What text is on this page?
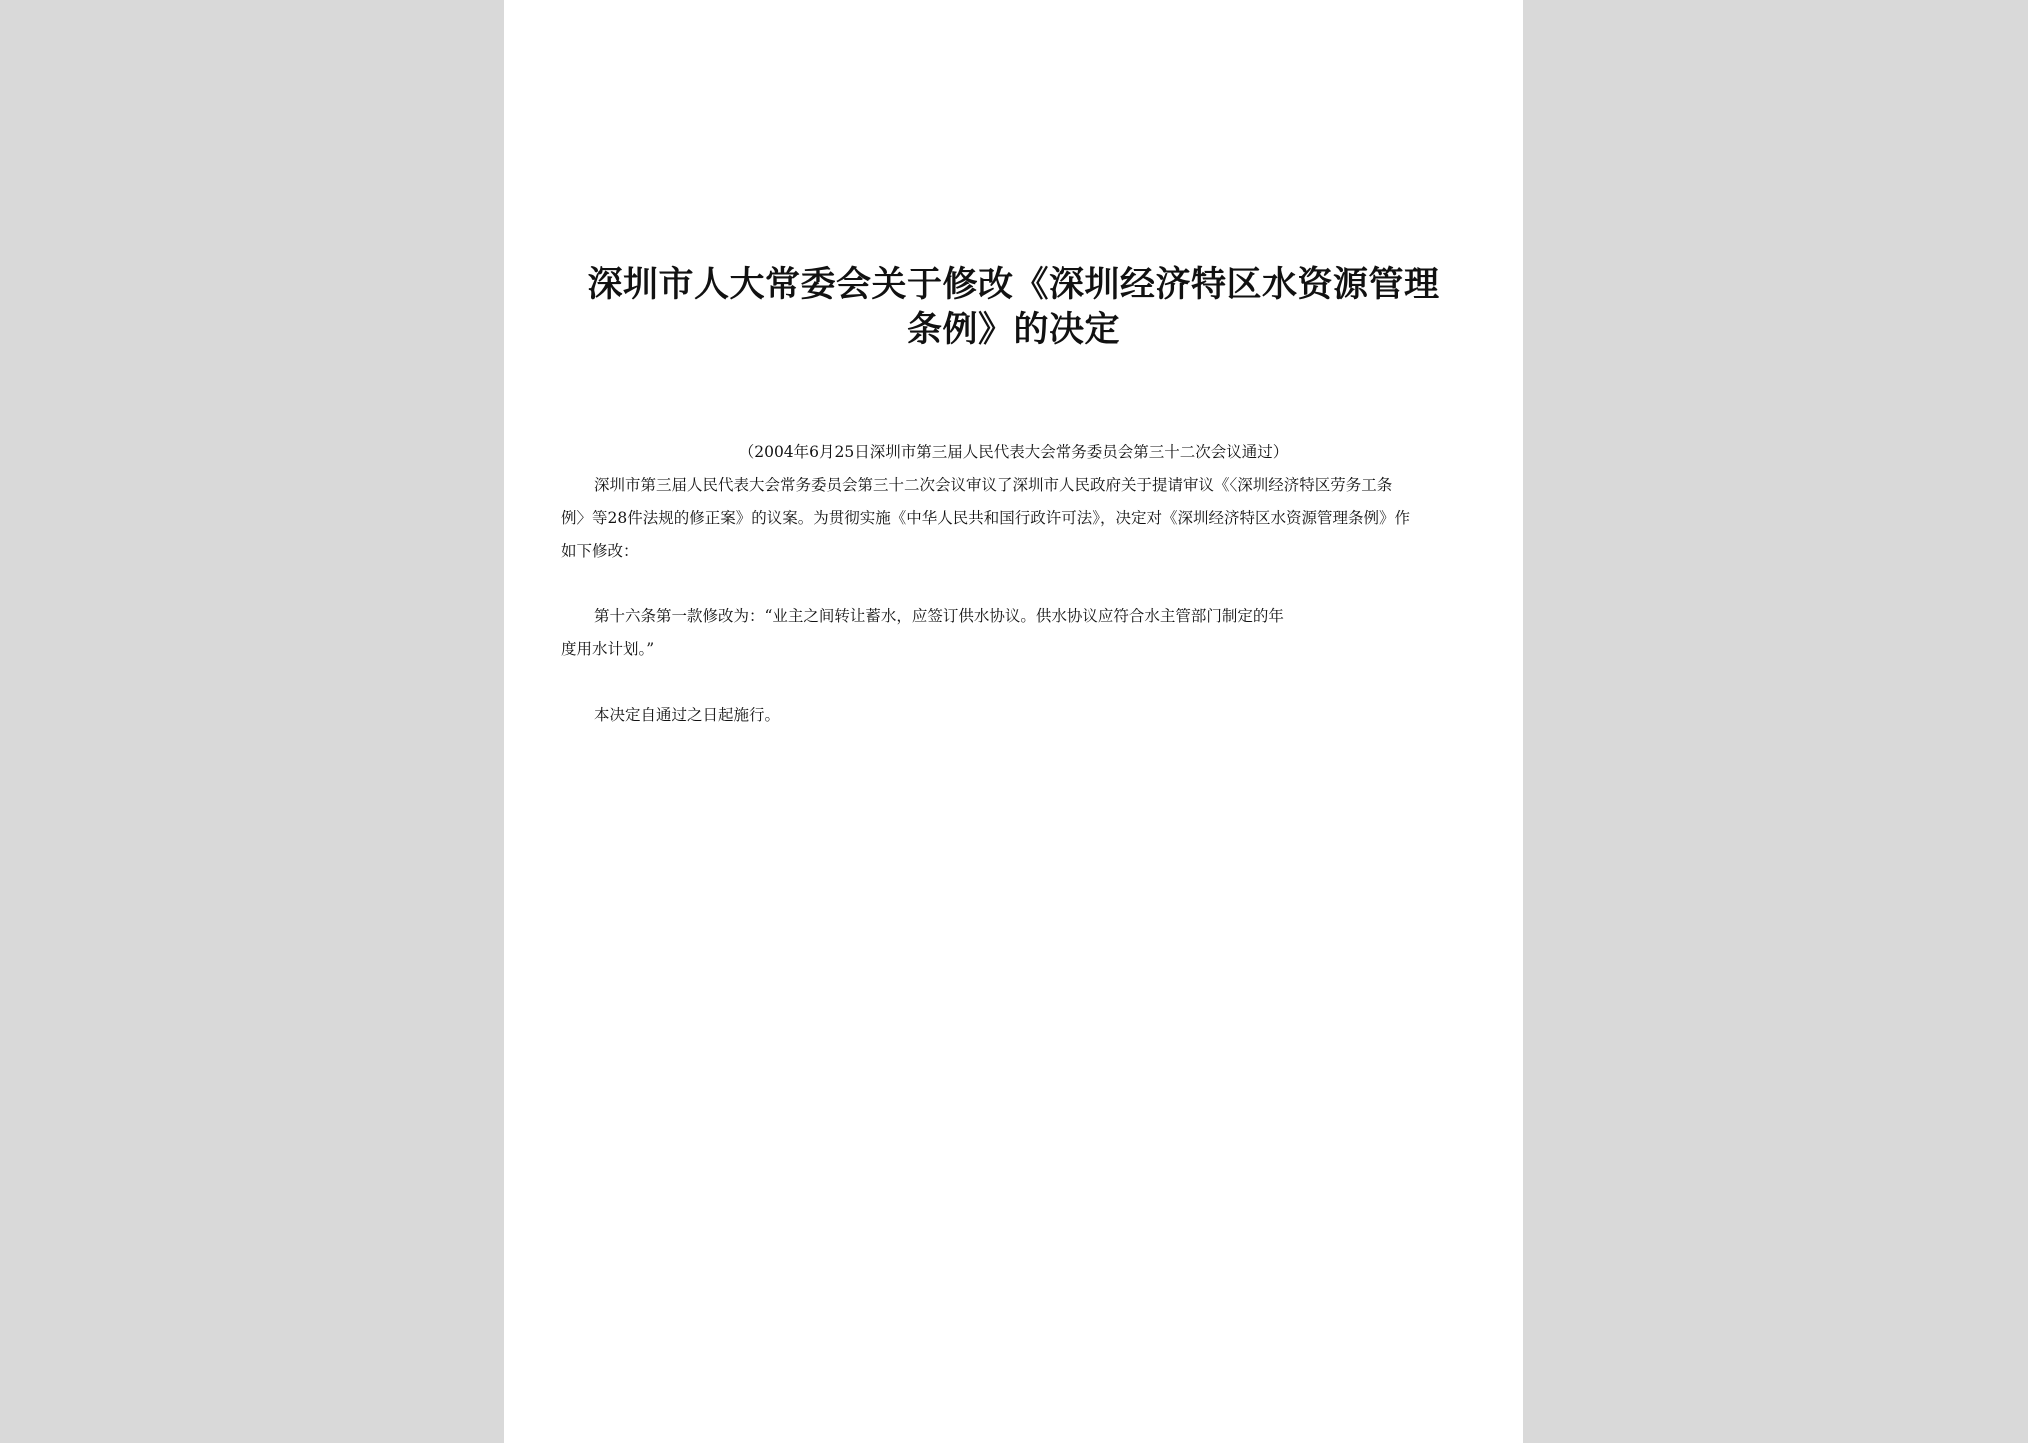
深圳市人大常委会关于修改《深圳经济特区水资源管理
条例》的决定
（2004年6月25日深圳市第三届人民代表大会常务委员会第三十二次会议通过）
深圳市第三届人民代表大会常务委员会第三十二次会议审议了深圳市人民政府关于提请审议《〈深圳经济特区劳务工条
例〉等28件法规的修正案》的议案。为贯彻实施《中华人民共和国行政许可法》，决定对《深圳经济特区水资源管理条例》作
如下修改：
第十六条第一款修改为：“业主之间转让蓄水，应签订供水协议。供水协议应符合水主管部门制定的年
度用水计划。”
本决定自通过之日起施行。
